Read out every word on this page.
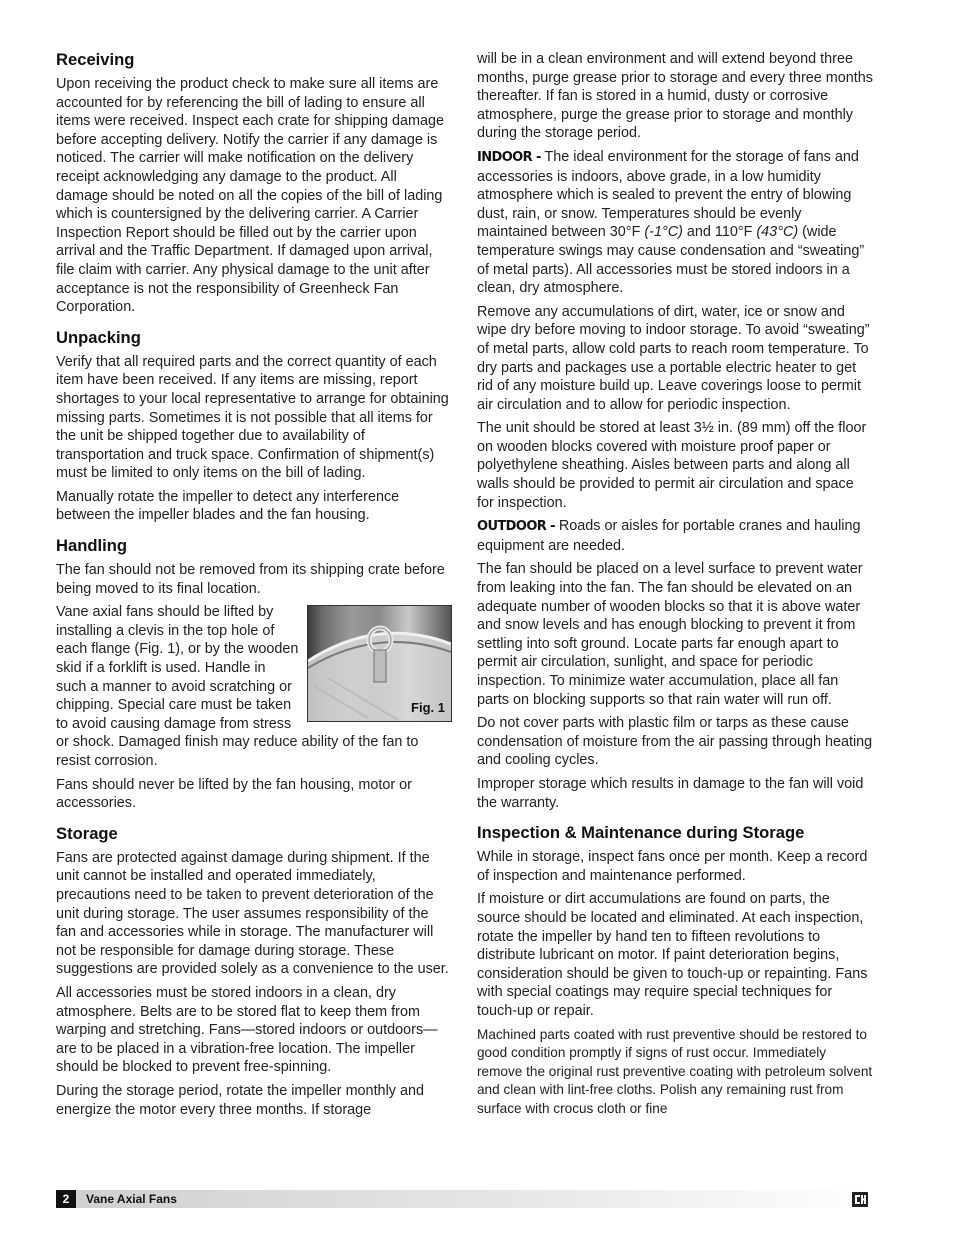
Receiving

Upon receiving the product check to make sure all items are accounted for by referencing the bill of lading to ensure all items were received. Inspect each crate for shipping damage before accepting delivery. Notify the carrier if any damage is noticed. The carrier will make notification on the delivery receipt acknowledging any damage to the product. All damage should be noted on all the copies of the bill of lading which is countersigned by the delivering carrier. A Carrier Inspection Report should be filled out by the carrier upon arrival and the Traffic Department. If damaged upon arrival, file claim with carrier. Any physical damage to the unit after acceptance is not the responsibility of Greenheck Fan Corporation.

Unpacking

Verify that all required parts and the correct quantity of each item have been received. If any items are missing, report shortages to your local representative to arrange for obtaining missing parts. Sometimes it is not possible that all items for the unit be shipped together due to availability of transportation and truck space. Confirmation of shipment(s) must be limited to only items on the bill of lading.

Manually rotate the impeller to detect any interference between the impeller blades and the fan housing.

Handling

The fan should not be removed from its shipping crate before being moved to its final location.

Fig. 1

Vane axial fans should be lifted by installing a clevis in the top hole of each flange (Fig. 1), or by the wooden skid if a forklift is used. Handle in such a manner to avoid scratching or chipping. Special care must be taken to avoid causing damage from stress or shock. Damaged finish may reduce ability of the fan to resist corrosion.

Fans should never be lifted by the fan housing, motor or accessories.

Storage

Fans are protected against damage during shipment. If the unit cannot be installed and operated immediately, precautions need to be taken to prevent deterioration of the unit during storage. The user assumes responsibility of the fan and accessories while in storage. The manufacturer will not be responsible for damage during storage. These suggestions are provided solely as a convenience to the user.

All accessories must be stored indoors in a clean, dry atmosphere. Belts are to be stored flat to keep them from warping and stretching. Fans—stored indoors or outdoors—are to be placed in a vibration-free location. The impeller should be blocked to prevent free-spinning.

During the storage period, rotate the impeller monthly and energize the motor every three months. If storage

will be in a clean environment and will extend beyond three months, purge grease prior to storage and every three months thereafter. If fan is stored in a humid, dusty or corrosive atmosphere, purge the grease prior to storage and monthly during the storage period.

INDOOR - The ideal environment for the storage of fans and accessories is indoors, above grade, in a low humidity atmosphere which is sealed to prevent the entry of blowing dust, rain, or snow. Temperatures should be evenly maintained between 30°F (-1°C) and 110°F (43°C) (wide temperature swings may cause condensation and “sweating” of metal parts). All accessories must be stored indoors in a clean, dry atmosphere.

Remove any accumulations of dirt, water, ice or snow and wipe dry before moving to indoor storage. To avoid “sweating” of metal parts, allow cold parts to reach room temperature. To dry parts and packages use a portable electric heater to get rid of any moisture build up. Leave coverings loose to permit air circulation and to allow for periodic inspection.

The unit should be stored at least 3½ in. (89 mm) off the floor on wooden blocks covered with moisture proof paper or polyethylene sheathing. Aisles between parts and along all walls should be provided to permit air circulation and space for inspection.

OUTDOOR - Roads or aisles for portable cranes and hauling equipment are needed.

The fan should be placed on a level surface to prevent water from leaking into the fan. The fan should be elevated on an adequate number of wooden blocks so that it is above water and snow levels and has enough blocking to prevent it from settling into soft ground. Locate parts far enough apart to permit air circulation, sunlight, and space for periodic inspection. To minimize water accumulation, place all fan parts on blocking supports so that rain water will run off.

Do not cover parts with plastic film or tarps as these cause condensation of moisture from the air passing through heating and cooling cycles.

Improper storage which results in damage to the fan will void the warranty.

Inspection & Maintenance during Storage

While in storage, inspect fans once per month. Keep a record of inspection and maintenance performed.

If moisture or dirt accumulations are found on parts, the source should be located and eliminated. At each inspection, rotate the impeller by hand ten to fifteen revolutions to distribute lubricant on motor. If paint deterioration begins, consideration should be given to touch-up or repainting. Fans with special coatings may require special techniques for touch-up or repair.

Machined parts coated with rust preventive should be restored to good condition promptly if signs of rust occur. Immediately remove the original rust preventive coating with petroleum solvent and clean with lint-free cloths. Polish any remaining rust from surface with crocus cloth or fine

2	Vane Axial Fans
